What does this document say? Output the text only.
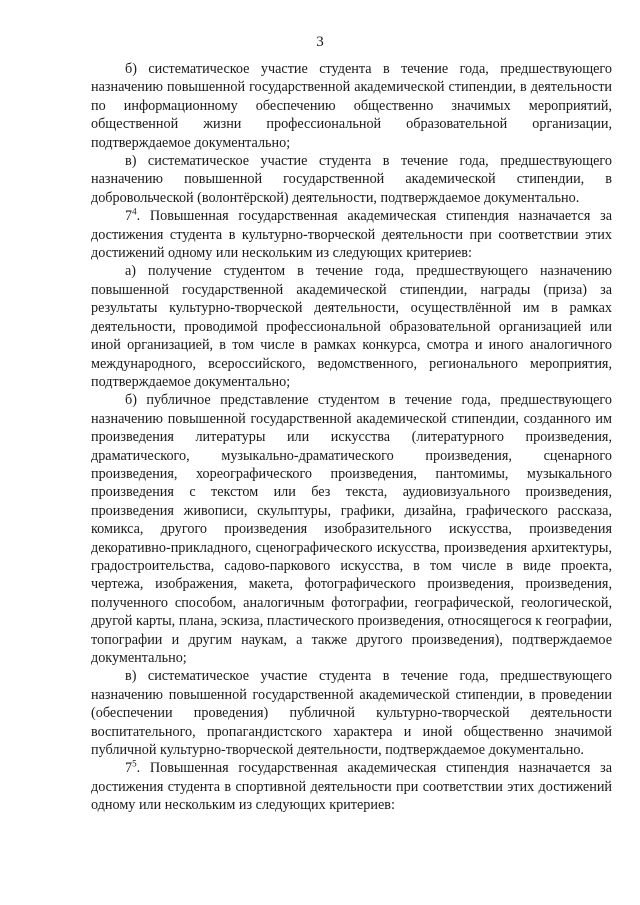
3

б) систематическое участие студента в течение года, предшествующего назначению повышенной государственной академической стипендии, в деятельности по информационному обеспечению общественно значимых мероприятий, общественной жизни профессиональной образовательной организации, подтверждаемое документально;

в) систематическое участие студента в течение года, предшествующего назначению повышенной государственной академической стипендии, в добровольческой (волонтёрской) деятельности, подтверждаемое документально.

$7^4$. Повышенная государственная академическая стипендия назначается за достижения студента в культурно-творческой деятельности при соответствии этих достижений одному или нескольким из следующих критериев:

а) получение студентом в течение года, предшествующего назначению повышенной государственной академической стипендии, награды (приза) за результаты культурно-творческой деятельности, осуществлённой им в рамках деятельности, проводимой профессиональной образовательной организацией или иной организацией, в том числе в рамках конкурса, смотра и иного аналогичного международного, всероссийского, ведомственного, регионального мероприятия, подтверждаемое документально;

б) публичное представление студентом в течение года, предшествующего назначению повышенной государственной академической стипендии, созданного им произведения литературы или искусства (литературного произведения, драматического, музыкально-драматического произведения, сценарного произведения, хореографического произведения, пантомимы, музыкального произведения с текстом или без текста, аудиовизуального произведения, произведения живописи, скульптуры, графики, дизайна, графического рассказа, комикса, другого произведения изобразительного искусства, произведения декоративно-прикладного, сценографического искусства, произведения архитектуры, градостроительства, садово-паркового искусства, в том числе в виде проекта, чертежа, изображения, макета, фотографического произведения, произведения, полученного способом, аналогичным фотографии, географической, геологической, другой карты, плана, эскиза, пластического произведения, относящегося к географии, топографии и другим наукам, а также другого произведения), подтверждаемое документально;

в) систематическое участие студента в течение года, предшествующего назначению повышенной государственной академической стипендии, в проведении (обеспечении проведения) публичной культурно-творческой деятельности воспитательного, пропагандистского характера и иной общественно значимой публичной культурно-творческой деятельности, подтверждаемое документально.

$7^5$. Повышенная государственная академическая стипендия назначается за достижения студента в спортивной деятельности при соответствии этих достижений одному или нескольким из следующих критериев:
